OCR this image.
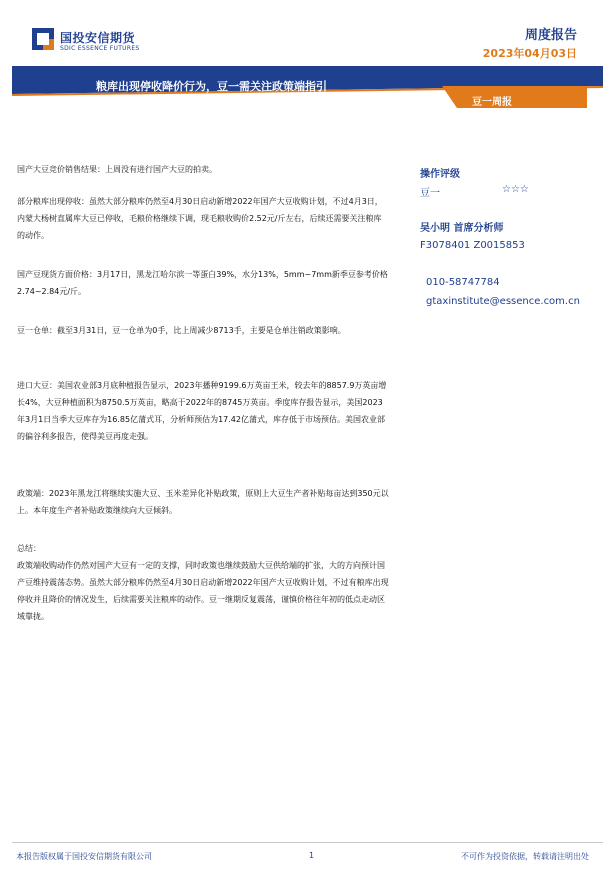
国投安信期货
SDIC ESSENCE FUTURES
周度报告
2023年04月03日
粮库出现停收降价行为，豆一需关注政策端指引
豆一周报

国产大豆竞价销售结果：上周没有进行国产大豆的拍卖。

部分粮库出现停收：虽然大部分粮库仍然至4月30日启动新增2022年国产大豆收购计划，不过4月3日，内蒙大杨树直属库大豆已停收，毛粮价格继续下调，现毛粮收购价2.52元/斤左右，后续还需要关注粮库的动作。

国产豆现货方面价格：3月17日，黑龙江哈尔滨一等蛋白39%，水分13%，5mm~7mm新季豆参考价格2.74~2.84元/斤。

豆一仓单：截至3月31日，豆一仓单为0手，比上周减少8713手，主要是仓单注销政策影响。

进口大豆：美国农业部3月底种植报告显示，2023年播种9199.6万英亩王米，较去年的8857.9万英亩增长4%，大豆种植面积为8750.5万英亩，略高于2022年的8745万英亩。季度库存报告显示，美国2023年3月1日当季大豆库存为16.85亿蒲式耳，分析师预估为17.42亿蒲式，库存低于市场预估。美国农业部的偏谷利多报告，使得美豆再度走强。

政策端：2023年黑龙江将继续实施大豆、玉米差异化补贴政策，原则上大豆生产者补贴每亩达到350元以上。本年度生产者补贴政策继续向大豆倾斜。

总结：
政策端收购动作仍然对国产大豆有一定的支撑，同时政策也继续鼓励大豆供给端的扩张，大的方向预计国产豆维持震荡态势。虽然大部分粮库仍然至4月30日启动新增2022年国产大豆收购计划，不过有粮库出现停收并且降价的情况发生，后续需要关注粮库的动作。豆一继期反复震荡，谨慎价格往年初的低点走动区域靠拢。

操作评级
豆一	☆☆☆
吴小明 首席分析师
F3078401 Z0015853
010-58747784
gtaxinstitute@essence.com.cn
本报告版权属于国投安信期货有限公司	1	不可作为投资依据，转载请注明出处
